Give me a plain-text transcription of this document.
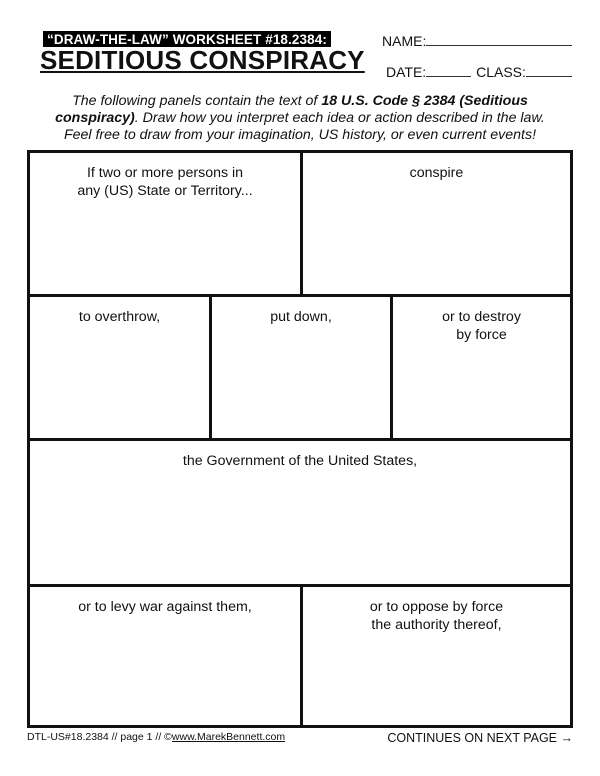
“DRAW-THE-LAW” WORKSHEET #18.2384:
SEDITIOUS CONSPIRACY
NAME:
DATE:	CLASS:
The following panels contain the text of 18 U.S. Code § 2384 (Seditious conspiracy). Draw how you interpret each idea or action described in the law. Feel free to draw from your imagination, US history, or even current events!
If two or more persons in
any (US) State or Territory...
conspire
to overthrow,	put down,	or to destroy
by force
the Government of the United States,
or to levy war against them,	or to oppose by force
the authority thereof,
DTL-US#18.2384 // page 1 // ©www.MarekBennett.com	CONTINUES ON NEXT PAGE →
